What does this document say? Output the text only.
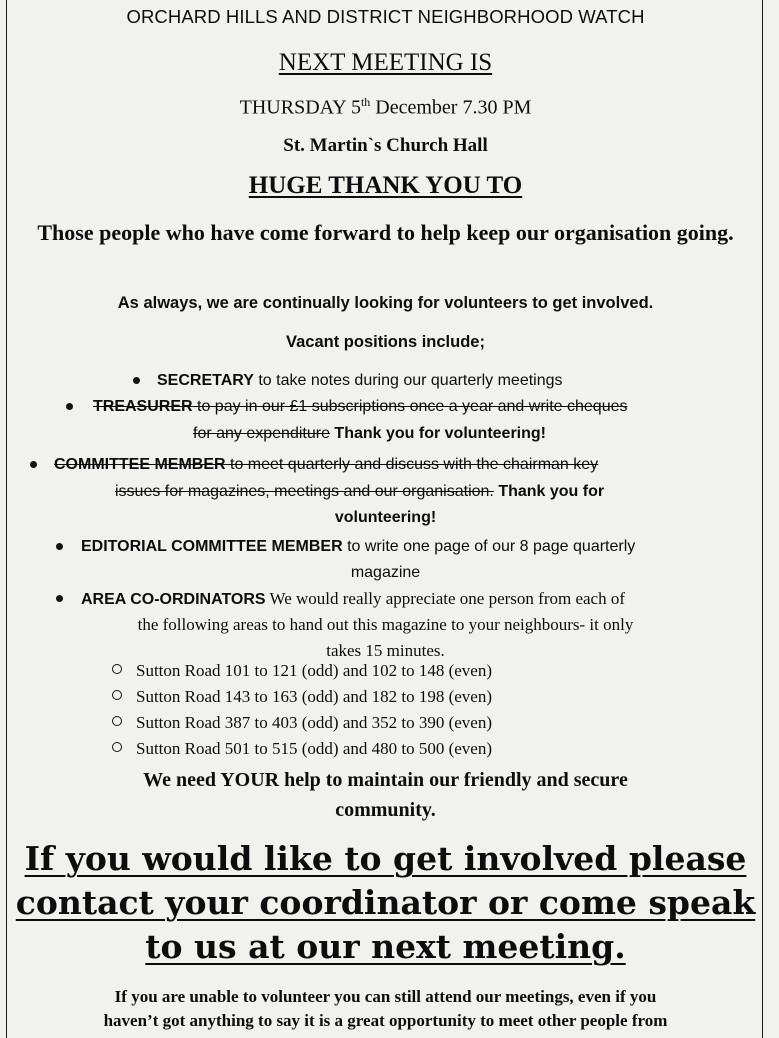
ORCHARD HILLS AND DISTRICT NEIGHBORHOOD WATCH
NEXT MEETING IS
THURSDAY 5th December 7.30 PM
St. Martin`s Church Hall
HUGE THANK YOU TO
Those people who have come forward to help keep our organisation going.
As always, we are continually looking for volunteers to get involved.
Vacant positions include;
SECRETARY to take notes during our quarterly meetings
TREASURER to pay in our £1 subscriptions once a year and write cheques
for any expenditure Thank you for volunteering!
COMMITTEE MEMBER to meet quarterly and discuss with the chairman key
issues for magazines, meetings and our organisation. Thank you for
volunteering!
EDITORIAL COMMITTEE MEMBER to write one page of our 8 page quarterly
magazine
AREA CO-ORDINATORS We would really appreciate one person from each of
the following areas to hand out this magazine to your neighbours- it only
takes 15 minutes.
Sutton Road 101 to 121 (odd) and 102 to 148 (even)
Sutton Road 143 to 163 (odd) and 182 to 198 (even)
Sutton Road 387 to 403 (odd) and 352 to 390 (even)
Sutton Road 501 to 515 (odd) and 480 to 500 (even)
We need YOUR help to maintain our friendly and secure community.
If you would like to get involved please
contact your coordinator or come speak
to us at our next meeting.
If you are unable to volunteer you can still attend our meetings, even if you
haven’t got anything to say it is a great opportunity to meet other people from
